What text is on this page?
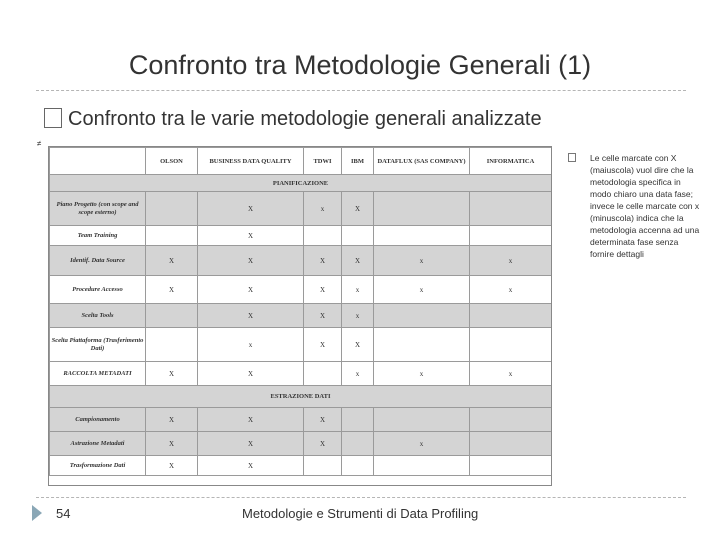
Confronto tra Metodologie Generali (1)
Confronto tra le varie metodologie generali analizzate
≠
	OLSON	BUSINESS DATA QUALITY	TDWI	IBM	DATAFLUX (SAS COMPANY)	INFORMATICA
PIANIFICAZIONE						
Piano Progetto (con scope and scope esterno)		X	x	X		
Team Training		X				
Identif. Data Source	X	X	X	X	x	x
Procedure Accesso	X	X	X	x	x	x
Scelta Tools		X	X	x		
Scelta Piattaforma (Trasferimento Dati)		x	X	X		
RACCOLTA METADATI	X	X		x	x	x
ESTRAZIONE DATI						
Campionamento	X	X	X			
Astrazione Metadati	X	X	X		x	
Trasformazione Dati	X	X				

Le celle marcate con X (maiuscola) vuol dire che la metodologia specifica in modo chiaro una data fase; invece le celle marcate con x (minuscola) indica che la metodologia accenna ad una determinata fase senza fornire dettagli

54	Metodologie e Strumenti di Data Profiling
